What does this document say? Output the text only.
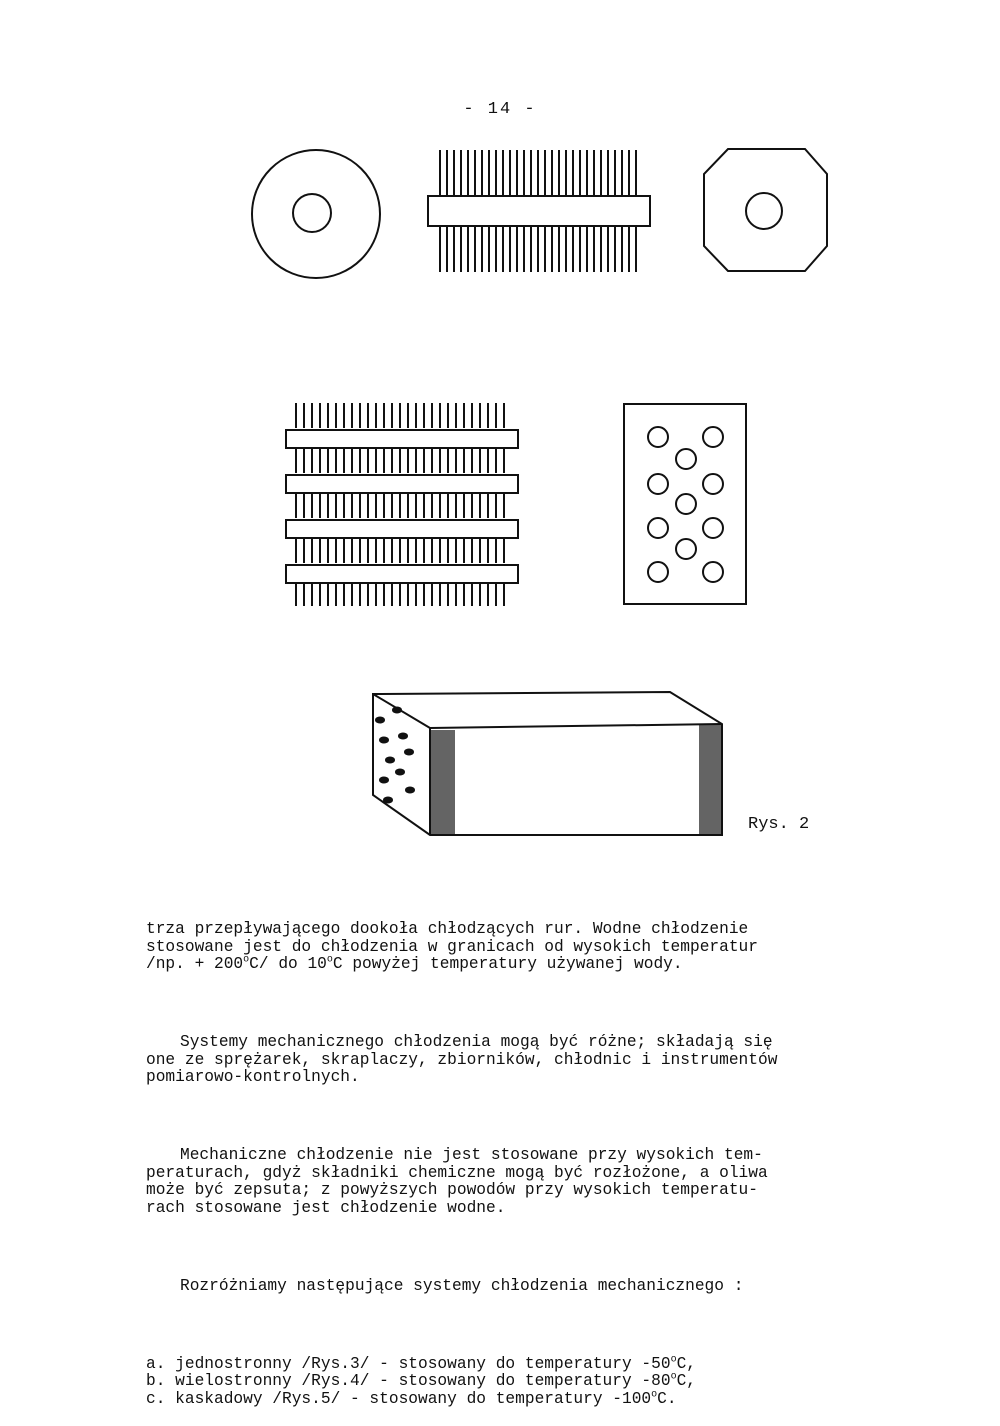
- 14 -
Rys. 2

trza przepływającego dookoła chłodzących rur. Wodne chłodzenie
stosowane jest do chłodzenia w granicach od wysokich temperatur
/np. + $200^oC/$ do 10$^o$C powyżej temperatury używanej wody.

Systemy mechanicznego chłodzenia mogą być różne; składają się
one ze sprężarek, skraplaczy, zbiorników, chłodnic i instrumentów
pomiarowo-kontrolnych.

Mechaniczne chłodzenie nie jest stosowane przy wysokich tem-
peraturach, gdyż składniki chemiczne mogą być rozłożone, a oliwa
może być zepsuta; z powyższych powodów przy wysokich temperatu-
rach stosowane jest chłodzenie wodne.

Rozróżniamy następujące systemy chłodzenia mechanicznego :

a. jednostronny /Rys.3/ - stosowany do temperatury -50$^o$C,
b. wielostronny /Rys.4/ - stosowany do temperatury -80$^o$C,
c. kaskadowy /Rys.5/ - stosowany do temperatury -100$^o$C.
